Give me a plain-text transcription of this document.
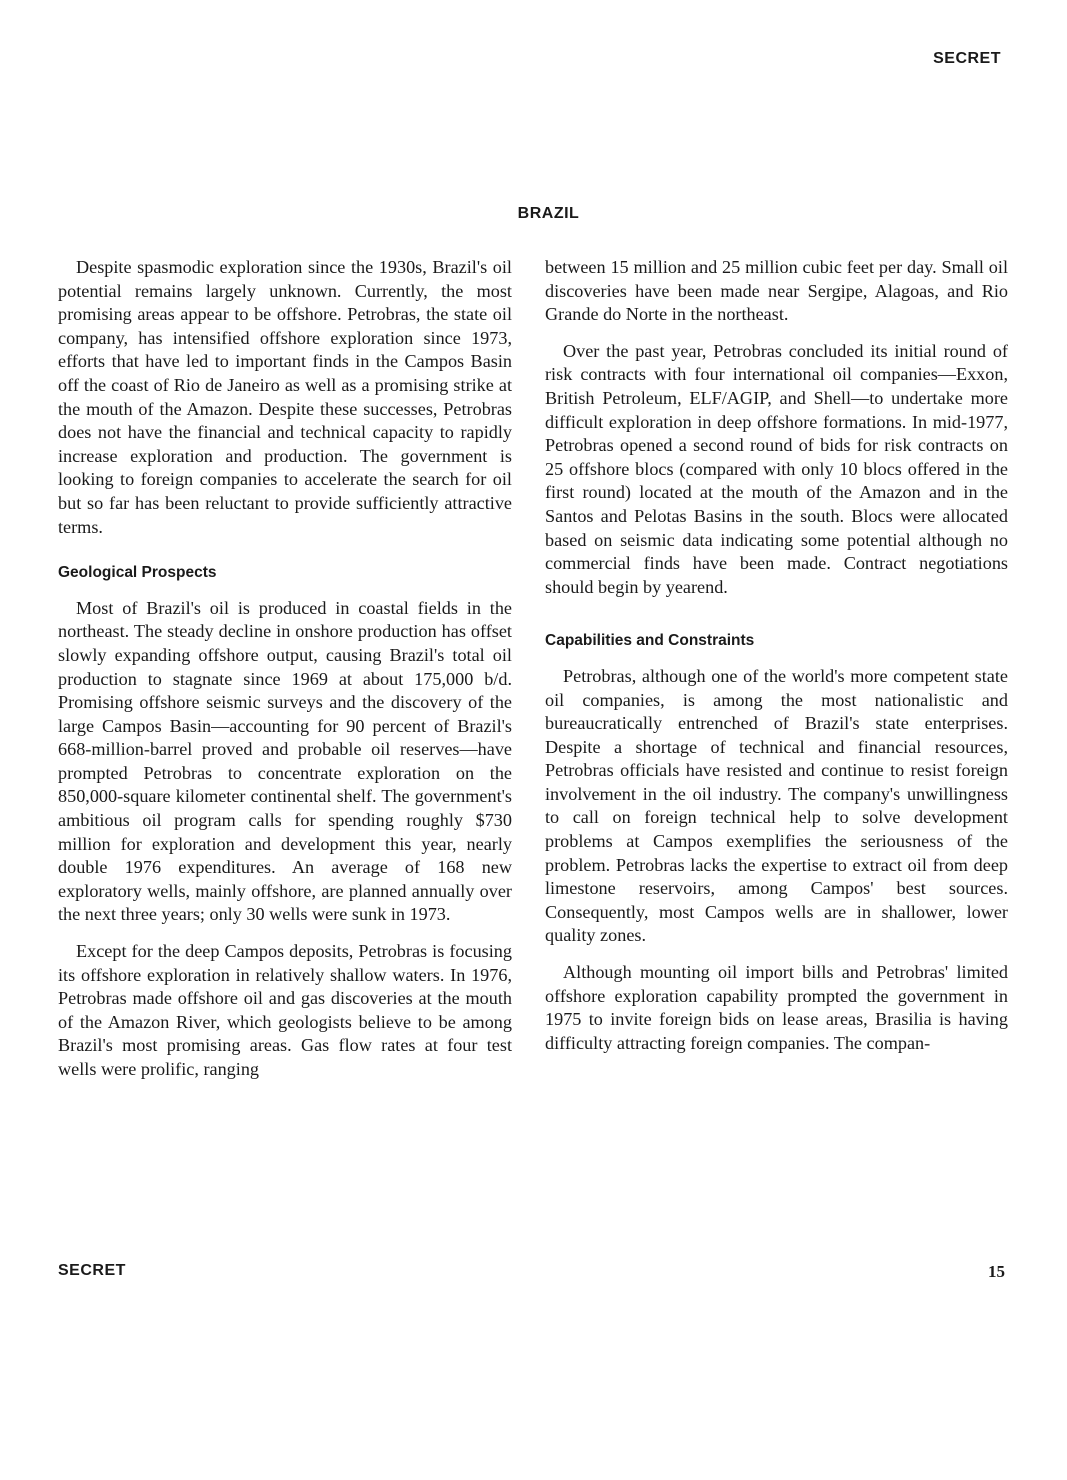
SECRET
BRAZIL

Despite spasmodic exploration since the 1930s, Brazil's oil potential remains largely unknown. Currently, the most promising areas appear to be offshore. Petrobras, the state oil company, has intensified offshore exploration since 1973, efforts that have led to important finds in the Campos Basin off the coast of Rio de Janeiro as well as a promising strike at the mouth of the Amazon. Despite these successes, Petrobras does not have the financial and technical capacity to rapidly increase exploration and production. The government is looking to foreign companies to accelerate the search for oil but so far has been reluctant to provide sufficiently attractive terms.

Geological Prospects

Most of Brazil's oil is produced in coastal fields in the northeast. The steady decline in onshore production has offset slowly expanding offshore output, causing Brazil's total oil production to stagnate since 1969 at about 175,000 b/d. Promising offshore seismic surveys and the discovery of the large Campos Basin—accounting for 90 percent of Brazil's 668-million-barrel proved and probable oil reserves—have prompted Petrobras to concentrate exploration on the 850,000-square kilometer continental shelf. The government's ambitious oil program calls for spending roughly $730 million for exploration and development this year, nearly double 1976 expenditures. An average of 168 new exploratory wells, mainly offshore, are planned annually over the next three years; only 30 wells were sunk in 1973.

Except for the deep Campos deposits, Petrobras is focusing its offshore exploration in relatively shallow waters. In 1976, Petrobras made offshore oil and gas discoveries at the mouth of the Amazon River, which geologists believe to be among Brazil's most promising areas. Gas flow rates at four test wells were prolific, ranging

between 15 million and 25 million cubic feet per day. Small oil discoveries have been made near Sergipe, Alagoas, and Rio Grande do Norte in the northeast.

Over the past year, Petrobras concluded its initial round of risk contracts with four international oil companies—Exxon, British Petroleum, ELF/AGIP, and Shell—to undertake more difficult exploration in deep offshore formations. In mid-1977, Petrobras opened a second round of bids for risk contracts on 25 offshore blocs (compared with only 10 blocs offered in the first round) located at the mouth of the Amazon and in the Santos and Pelotas Basins in the south. Blocs were allocated based on seismic data indicating some potential although no commercial finds have been made. Contract negotiations should begin by yearend.

Capabilities and Constraints

Petrobras, although one of the world's more competent state oil companies, is among the most nationalistic and bureaucratically entrenched of Brazil's state enterprises. Despite a shortage of technical and financial resources, Petrobras officials have resisted and continue to resist foreign involvement in the oil industry. The company's unwillingness to call on foreign technical help to solve development problems at Campos exemplifies the seriousness of the problem. Petrobras lacks the expertise to extract oil from deep limestone reservoirs, among Campos' best sources. Consequently, most Campos wells are in shallower, lower quality zones.

Although mounting oil import bills and Petrobras' limited offshore exploration capability prompted the government in 1975 to invite foreign bids on lease areas, Brasilia is having difficulty attracting foreign companies. The compan-

SECRET	15
